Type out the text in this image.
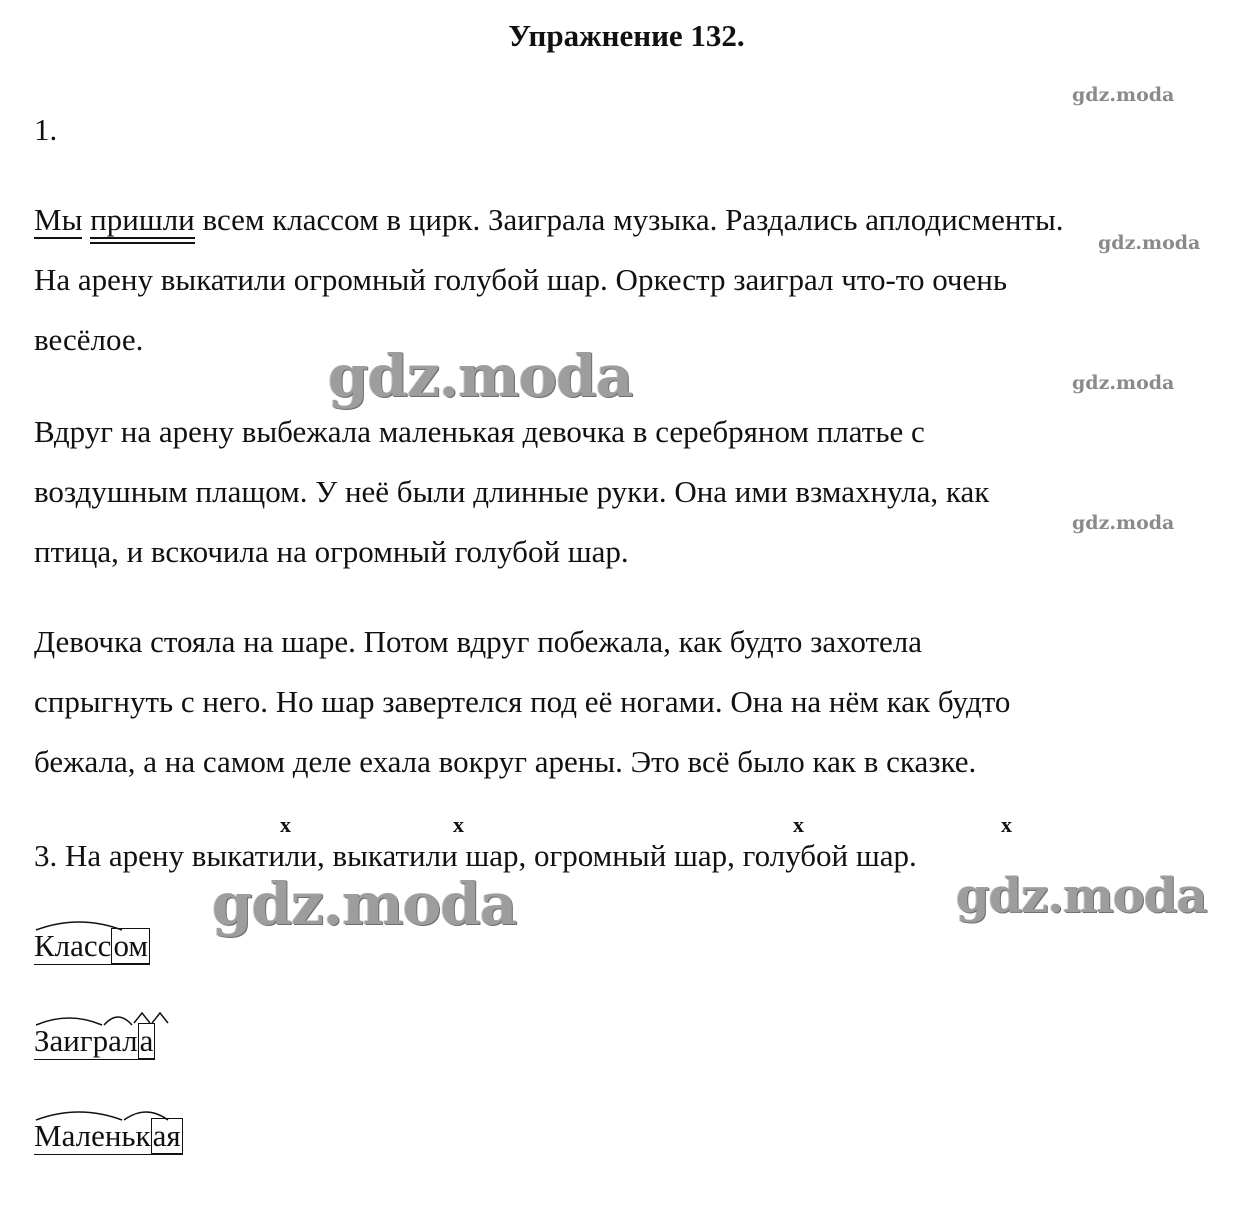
Упражнение 132.
gdz.moda
gdz.moda
gdz.moda
gdz.moda
1.
Мы пришли всем классом в цирк. Заиграла музыка. Раздались аплодисменты.
На арену выкатили огромный голубой шар. Оркестр заиграл что-то очень
весёлое.
gdz.moda
Вдруг на арену выбежала маленькая девочка в серебряном платье с
воздушным плащом. У неё были длинные руки. Она ими взмахнула, как
птица, и вскочила на огромный голубой шар.
Девочка стояла на шаре. Потом вдруг побежала, как будто захотела
спрыгнуть с него. Но шар завертелся под её ногами. Она на нём как будто
бежала, а на самом деле ехала вокруг арены. Это всё было как в сказке.
x	x	x	x
3. На арену выкатили, выкатили шар, огромный шар, голубой шар.
gdz.moda	gdz.moda
Классом
Заиграла
Маленькая
